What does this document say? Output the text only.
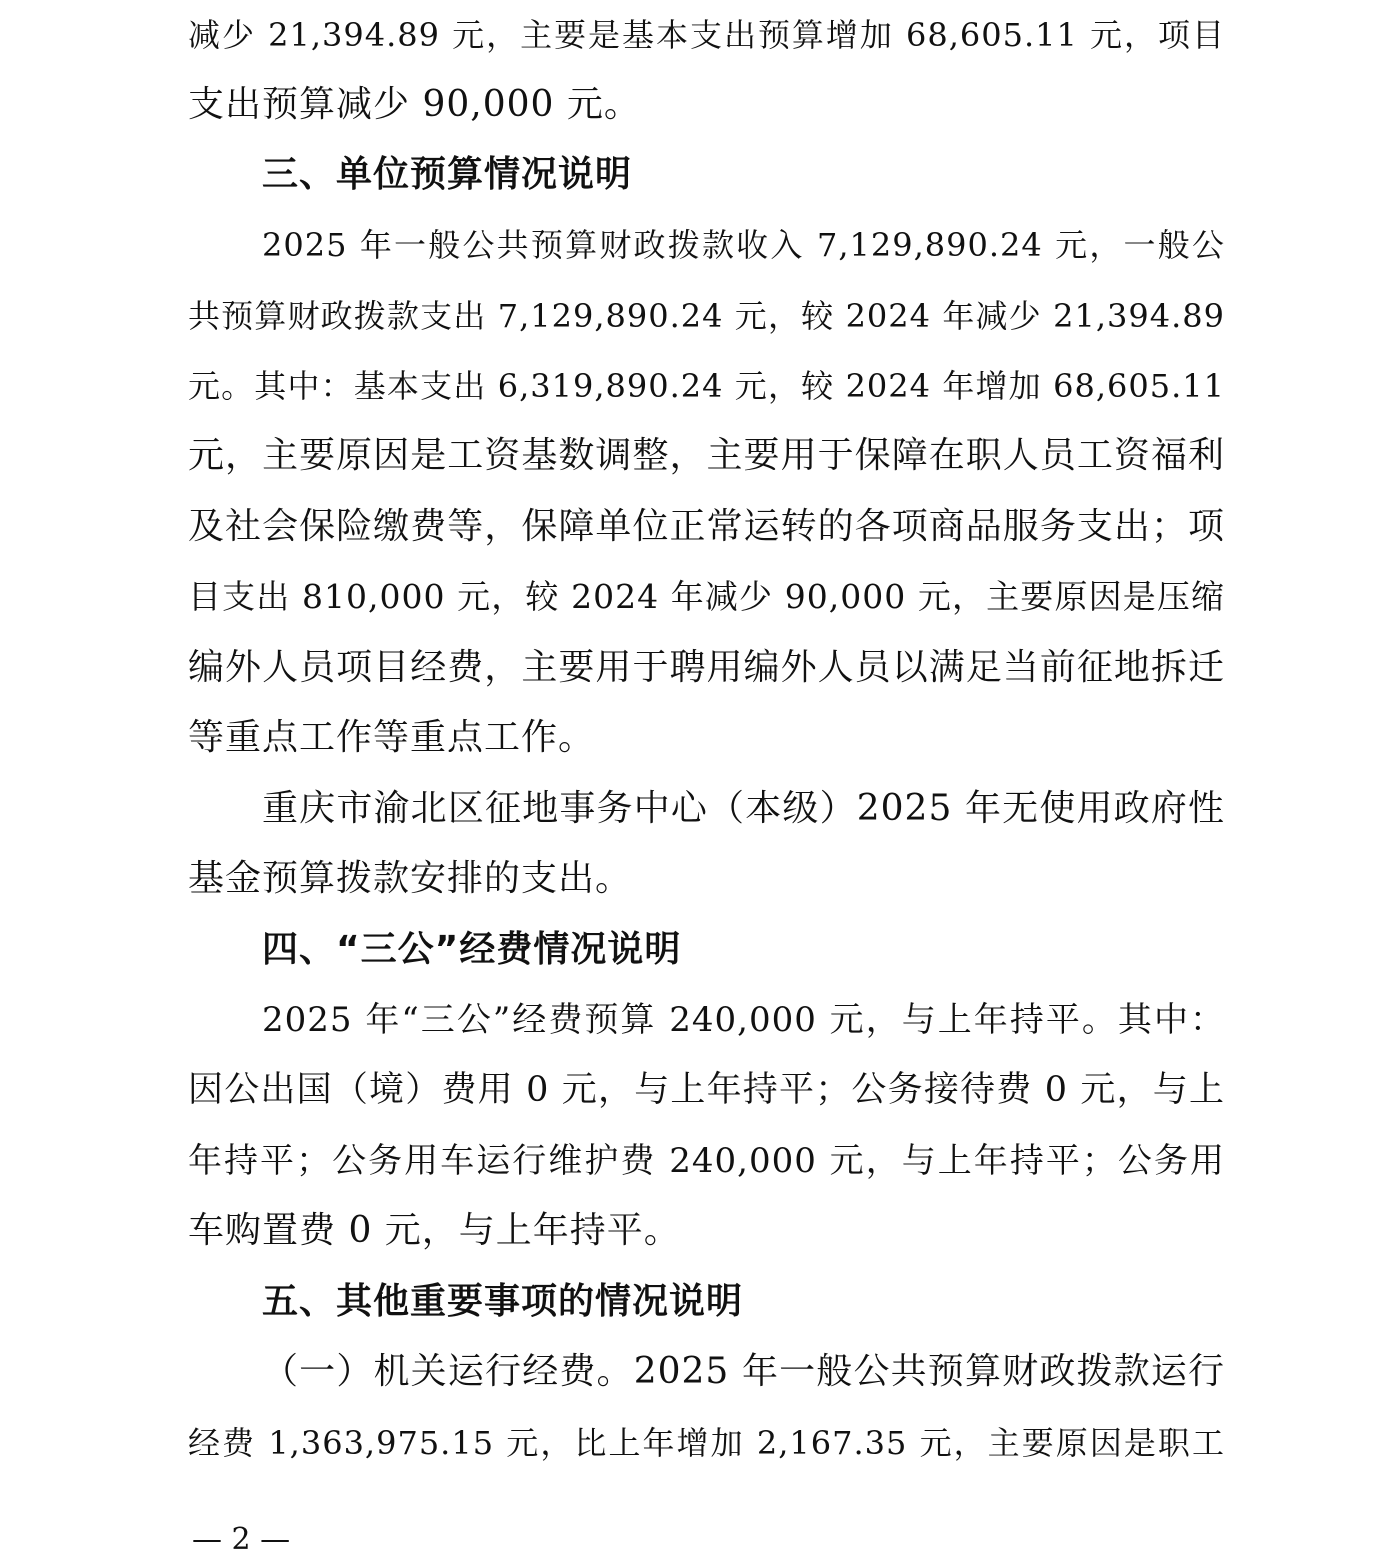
减少 21,394.89 元，主要是基本支出预算增加 68,605.11 元，项目
支出预算减少 90,000 元。
三、单位预算情况说明
2025 年一般公共预算财政拨款收入 7,129,890.24 元，一般公
共预算财政拨款支出 7,129,890.24 元，较 2024 年减少 21,394.89
元。其中：基本支出 6,319,890.24 元，较 2024 年增加 68,605.11
元，主要原因是工资基数调整，主要用于保障在职人员工资福利
及社会保险缴费等，保障单位正常运转的各项商品服务支出；项
目支出 810,000 元，较 2024 年减少 90,000 元，主要原因是压缩
编外人员项目经费，主要用于聘用编外人员以满足当前征地拆迁
等重点工作等重点工作。
重庆市渝北区征地事务中心（本级）2025 年无使用政府性
基金预算拨款安排的支出。
四、“三公”经费情况说明
2025 年“三公”经费预算 240,000 元，与上年持平。其中：
因公出国（境）费用 0 元，与上年持平；公务接待费 0 元，与上
年持平；公务用车运行维护费 240,000 元，与上年持平；公务用
车购置费 0 元，与上年持平。
五、其他重要事项的情况说明
（一）机关运行经费。2025 年一般公共预算财政拨款运行
经费 1,363,975.15 元，比上年增加 2,167.35 元，主要原因是职工
— 2 —
